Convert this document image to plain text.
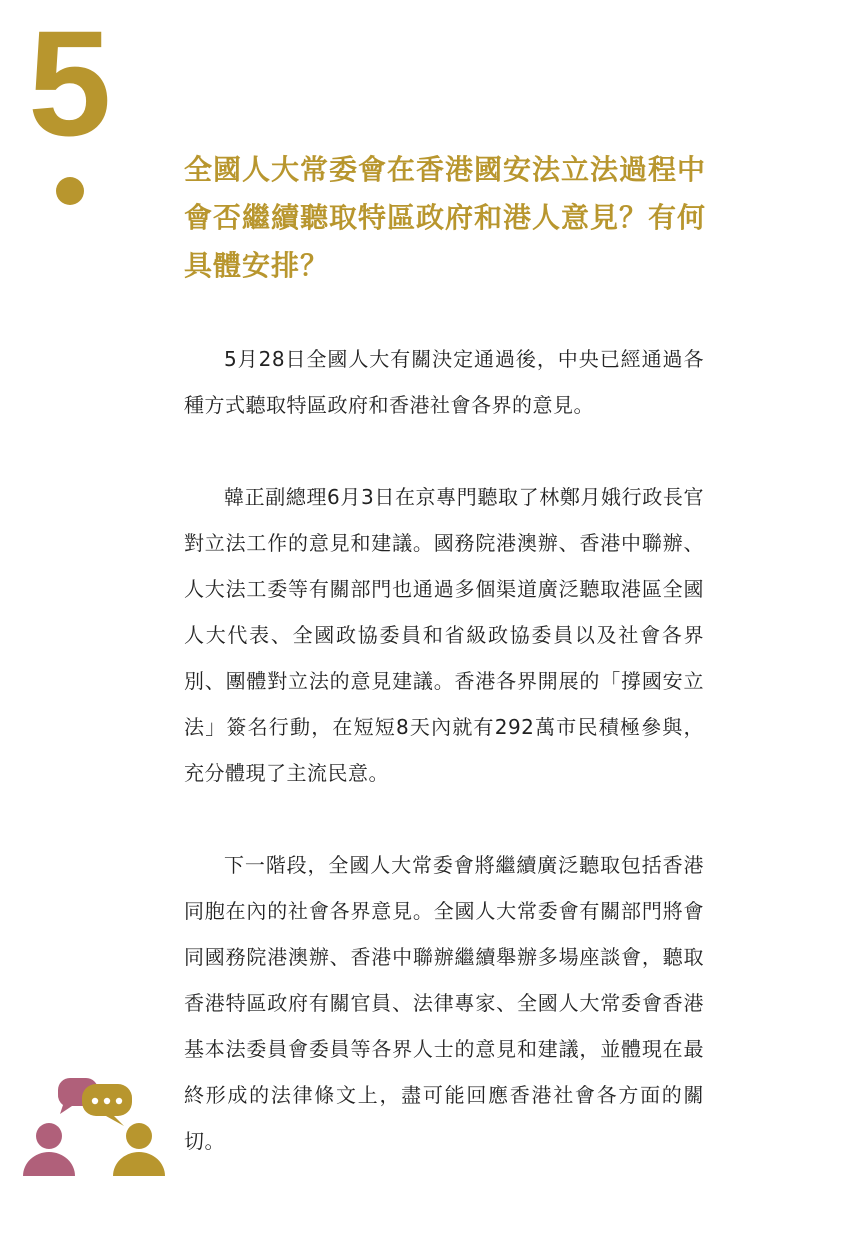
5
全國人大常委會在香港國安法立法過程中會否繼續聽取特區政府和港人意見？有何具體安排？

5月28日全國人大有關決定通過後，中央已經通過各種方式聽取特區政府和香港社會各界的意見。

韓正副總理6月3日在京專門聽取了林鄭月娥行政長官對立法工作的意見和建議。國務院港澳辦、香港中聯辦、人大法工委等有關部門也通過多個渠道廣泛聽取港區全國人大代表、全國政協委員和省級政協委員以及社會各界別、團體對立法的意見建議。香港各界開展的「撐國安立法」簽名行動，在短短8天內就有292萬市民積極參與，充分體現了主流民意。

下一階段，全國人大常委會將繼續廣泛聽取包括香港同胞在內的社會各界意見。全國人大常委會有關部門將會同國務院港澳辦、香港中聯辦繼續舉辦多場座談會，聽取香港特區政府有關官員、法律專家、全國人大常委會香港基本法委員會委員等各界人士的意見和建議，並體現在最終形成的法律條文上，盡可能回應香港社會各方面的關切。
